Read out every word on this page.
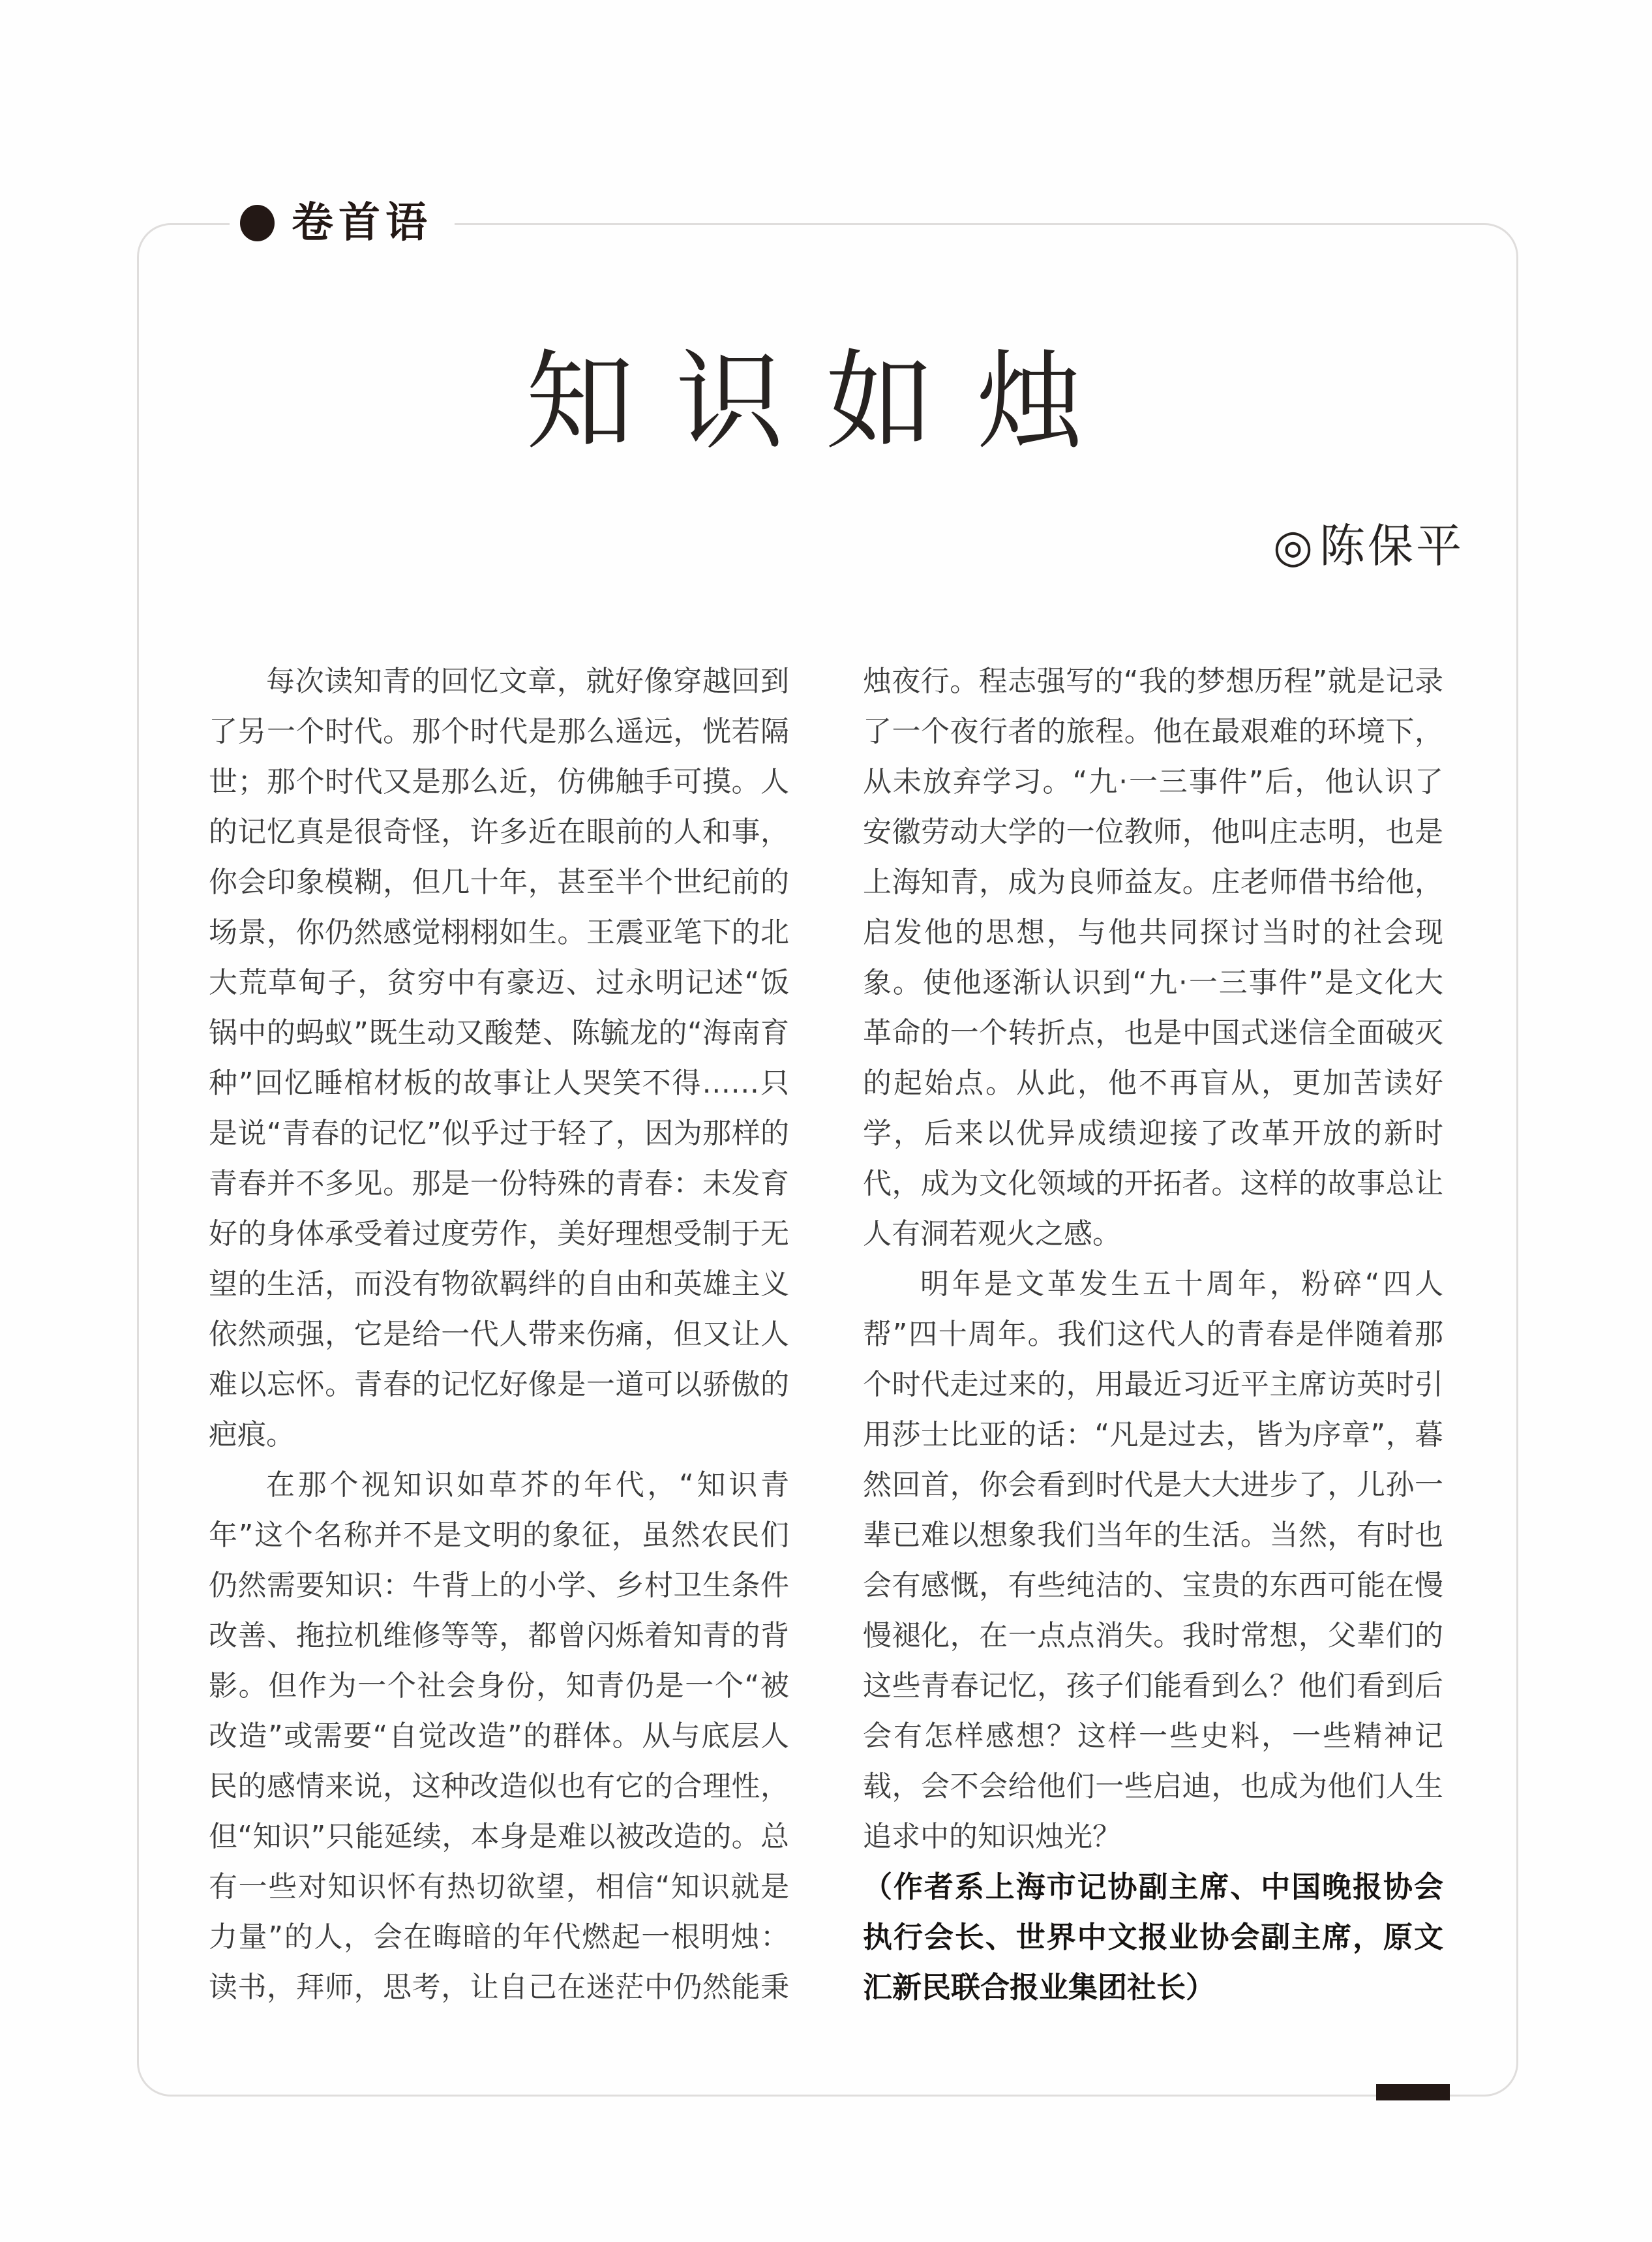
卷首语
知识如烛
◎ 陈保平

每次读知青的回忆文章，就好像穿越回到了另一个时代。那个时代是那么遥远，恍若隔世；那个时代又是那么近，仿佛触手可摸。人的记忆真是很奇怪，许多近在眼前的人和事，你会印象模糊，但几十年，甚至半个世纪前的场景，你仍然感觉栩栩如生。王震亚笔下的北大荒草甸子，贫穷中有豪迈、过永明记述“饭锅中的蚂蚁”既生动又酸楚、陈毓龙的“海南育种”回忆睡棺材板的故事让人哭笑不得……只是说“青春的记忆”似乎过于轻了，因为那样的青春并不多见。那是一份特殊的青春：未发育好的身体承受着过度劳作，美好理想受制于无望的生活，而没有物欲羁绊的自由和英雄主义依然顽强，它是给一代人带来伤痛，但又让人难以忘怀。青春的记忆好像是一道可以骄傲的疤痕。

在那个视知识如草芥的年代，“知识青年”这个名称并不是文明的象征，虽然农民们仍然需要知识：牛背上的小学、乡村卫生条件改善、拖拉机维修等等，都曾闪烁着知青的背影。但作为一个社会身份，知青仍是一个“被改造”或需要“自觉改造”的群体。从与底层人民的感情来说，这种改造似也有它的合理性，但“知识”只能延续，本身是难以被改造的。总有一些对知识怀有热切欲望，相信“知识就是力量”的人，会在晦暗的年代燃起一根明烛：读书，拜师，思考，让自己在迷茫中仍然能秉烛夜行。程志强写的“我的梦想历程”就是记录了一个夜行者的旅程。他在最艰难的环境下，从未放弃学习。“九·一三事件”后，他认识了安徽劳动大学的一位教师，他叫庄志明，也是上海知青，成为良师益友。庄老师借书给他，启发他的思想，与他共同探讨当时的社会现象。使他逐渐认识到“九·一三事件”是文化大革命的一个转折点，也是中国式迷信全面破灭的起始点。从此，他不再盲从，更加苦读好学，后来以优异成绩迎接了改革开放的新时代，成为文化领域的开拓者。这样的故事总让人有洞若观火之感。

明年是文革发生五十周年，粉碎“四人帮”四十周年。我们这代人的青春是伴随着那个时代走过来的，用最近习近平主席访英时引用莎士比亚的话：“凡是过去，皆为序章”，暮然回首，你会看到时代是大大进步了，儿孙一辈已难以想象我们当年的生活。当然，有时也会有感慨，有些纯洁的、宝贵的东西可能在慢慢褪化，在一点点消失。我时常想，父辈们的这些青春记忆，孩子们能看到么？他们看到后会有怎样感想？这样一些史料，一些精神记载，会不会给他们一些启迪，也成为他们人生追求中的知识烛光？

（作者系上海市记协副主席、中国晚报协会执行会长、世界中文报业协会副主席，原文汇新民联合报业集团社长）
